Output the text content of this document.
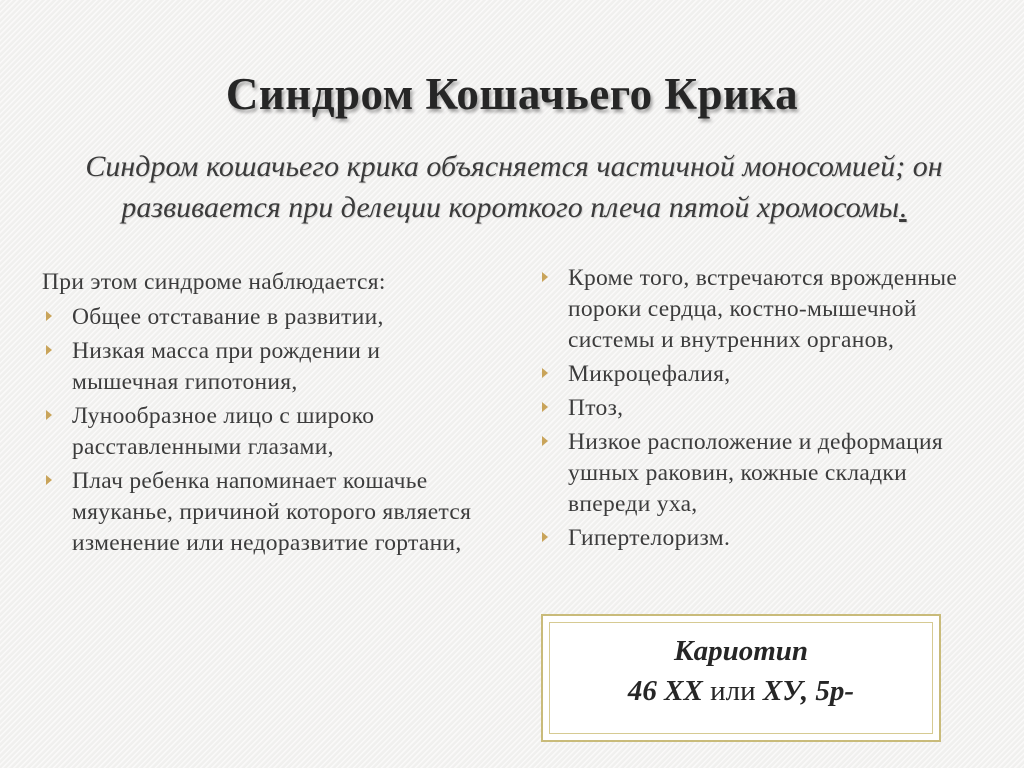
Синдром Кошачьего Крика
Синдром кошачьего крика объясняется частичной моносомией; он развивается при делеции короткого плеча пятой хромосомы.

При этом синдроме наблюдается:

Общее отставание в развитии,
Низкая масса при рождении и мышечная гипотония,
Лунообразное лицо с широко расставленными глазами,
Плач ребенка напоминает кошачье мяуканье, причиной которого является изменение или недоразвитие гортани,
Кроме того, встречаются врожденные пороки сердца, костно-мышечной системы и внутренних органов,
Микроцефалия,
Птоз,
Низкое расположение и деформация ушных раковин, кожные складки впереди уха,
Гипертелоризм.
Кариотип
46 ХХ или ХУ, 5р-
